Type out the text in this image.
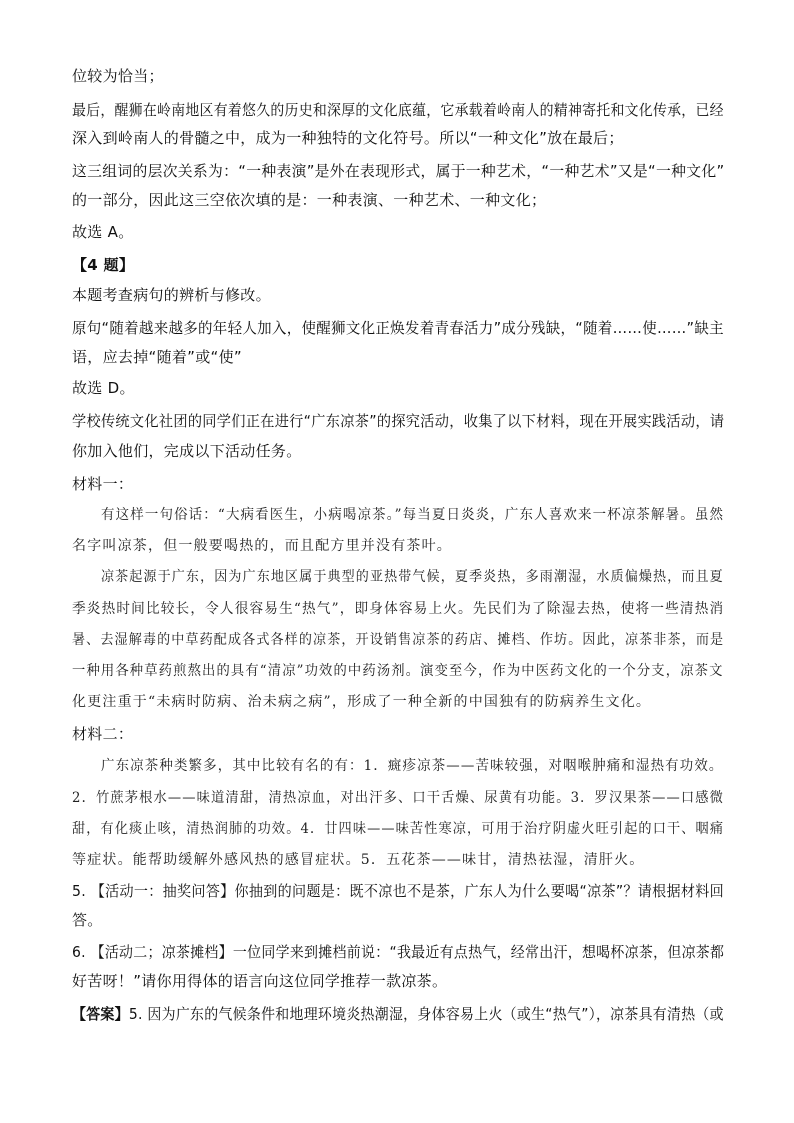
位较为恰当；
最后，醒狮在岭南地区有着悠久的历史和深厚的文化底蕴，它承载着岭南人的精神寄托和文化传承，已经
深入到岭南人的骨髓之中，成为一种独特的文化符号。所以“一种文化”放在最后；
这三组词的层次关系为：“一种表演”是外在表现形式，属于一种艺术，“一种艺术”又是“一种文化”
的一部分，因此这三空依次填的是：一种表演、一种艺术、一种文化；
故选 A。
【4 题】
本题考查病句的辨析与修改。
原句“随着越来越多的年轻人加入，使醒狮文化正焕发着青春活力”成分残缺，“随着……使……”缺主
语，应去掉“随着”或“使”
故选 D。
学校传统文化社团的同学们正在进行“广东凉茶”的探究活动，收集了以下材料，现在开展实践活动，请
你加入他们，完成以下活动任务。
材料一：
有这样一句俗话：“大病看医生，小病喝凉茶。”每当夏日炎炎，广东人喜欢来一杯凉茶解暑。虽然
名字叫凉茶，但一般要喝热的，而且配方里并没有茶叶。
凉茶起源于广东，因为广东地区属于典型的亚热带气候，夏季炎热，多雨潮湿，水质偏燥热，而且夏
季炎热时间比较长，令人很容易生“热气”，即身体容易上火。先民们为了除湿去热，使将一些清热消
暑、去湿解毒的中草药配成各式各样的凉茶，开设销售凉茶的药店、摊档、作坊。因此，凉茶非茶，而是
一种用各种草药煎熬出的具有“清凉”功效的中药汤剂。演变至今，作为中医药文化的一个分支，凉茶文
化更注重于“未病时防病、治未病之病”，形成了一种全新的中国独有的防病养生文化。
材料二：
广东凉茶种类繁多，其中比较有名的有：1．癍疹凉茶——苦味较强，对咽喉肿痛和湿热有功效。
2．竹蔗茅根水——味道清甜，清热凉血，对出汗多、口干舌燥、尿黄有功能。3．罗汉果茶——口感微
甜，有化痰止咳，清热润肺的功效。4．廿四味——味苦性寒凉，可用于治疗阴虚火旺引起的口干、咽痛
等症状。能帮助缓解外感风热的感冒症状。5．五花茶——味甘，清热祛湿，清肝火。
5. 【活动一：抽奖问答】你抽到的问题是：既不凉也不是茶，广东人为什么要喝“凉茶”？请根据材料回
答。
6. 【活动二；凉茶摊档】一位同学来到摊档前说：“我最近有点热气，经常出汗，想喝杯凉茶，但凉茶都
好苦呀！”请你用得体的语言向这位同学推荐一款凉茶。
【答案】5. 因为广东的气候条件和地理环境炎热潮湿，身体容易上火（或生“热气”），凉茶具有清热（或
